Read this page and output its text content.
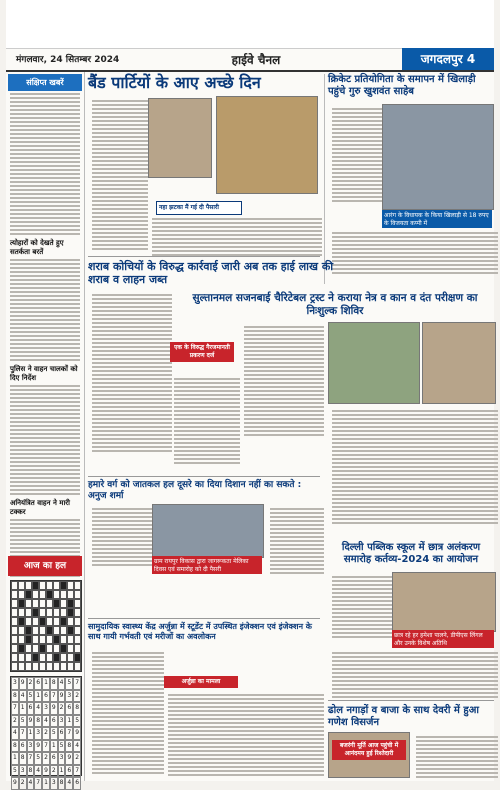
मंगलवार, 24 सितम्बर 2024	हाईवे चैनल	जगदलपुर 4
संक्षिप्त खबरें
त्योहारों को देखते हुए सतर्कता बरतें
पुलिस ने वाहन चालकों को दिए निर्देश
अनियंत्रित वाहन ने मारी टक्कर
आज का हल
3 9 2 6 1 8 4 5 7
8 4 5 1 6 7 9 3 2
7 1 6 4 3 9 2 6 8
2 5 9 8 4 6 3 1 5
4 7 1 3 2 5 6 7 9
8 6 3 9 7 1 5 8 4
1 8 7 5 2 6 3 9 2
5 3 8 4 9 2 1 6 7
9 2 4 7 1 3 8 4 6
बैंड पार्टियों के आए अच्छे दिन
नहा झटका मैं गई दी पैसारी
क्रिकेट प्रतियोगिता के समापन में खिलाड़ी पहुंचे गुरु खुशवंत साहेब
आरंग के विधायक के किया खिलाड़ी से 18 रुपए के विजयता कप्पी में
शराब कोचियों के विरुद्ध कार्रवाई जारी अब तक हाई लाख की शराब व लाहन जब्त
एक के विरुद्ध गैरजमानती प्रकरण दर्ज
सुल्तानमल सजनबाई चैरिटेबल ट्रस्ट ने कराया नेत्र व कान व दंत परीक्षण का निःशुल्क शिविर
हमारे वर्ग को जातकल हल दूसरे का दिया दिशान नहीं का सकते : अनुज शर्मा
ग्राम रायपुर विकास द्वारा जागरूकता मेलिका दिवस एवं समारोह को दी पैसरी
दिल्ली पब्लिक स्कूल में छात्र अलंकरण समारोह कर्तव्य-2024 का आयोजन
छात्र रहे हर हमेशा पालने, डीपीएस लिंगल और उनके विशेष अतिथि
सामुदायिक स्वास्थ्य केंद्र अर्जुन्ना में स्टूडेंट में उपस्थित इंजेक्शन एवं इंजेक्शन के साथ गायी गर्भवती एवं मरीजों का अवलोकन
अर्जुन्ना का मामला
ढोल नगाड़ों व बाजा के साथ देवरी में हुआ गणेश विसर्जन
बजरंगी मूर्ति आज पहुंची में आनंदमय हुई रिश्तेदारी
